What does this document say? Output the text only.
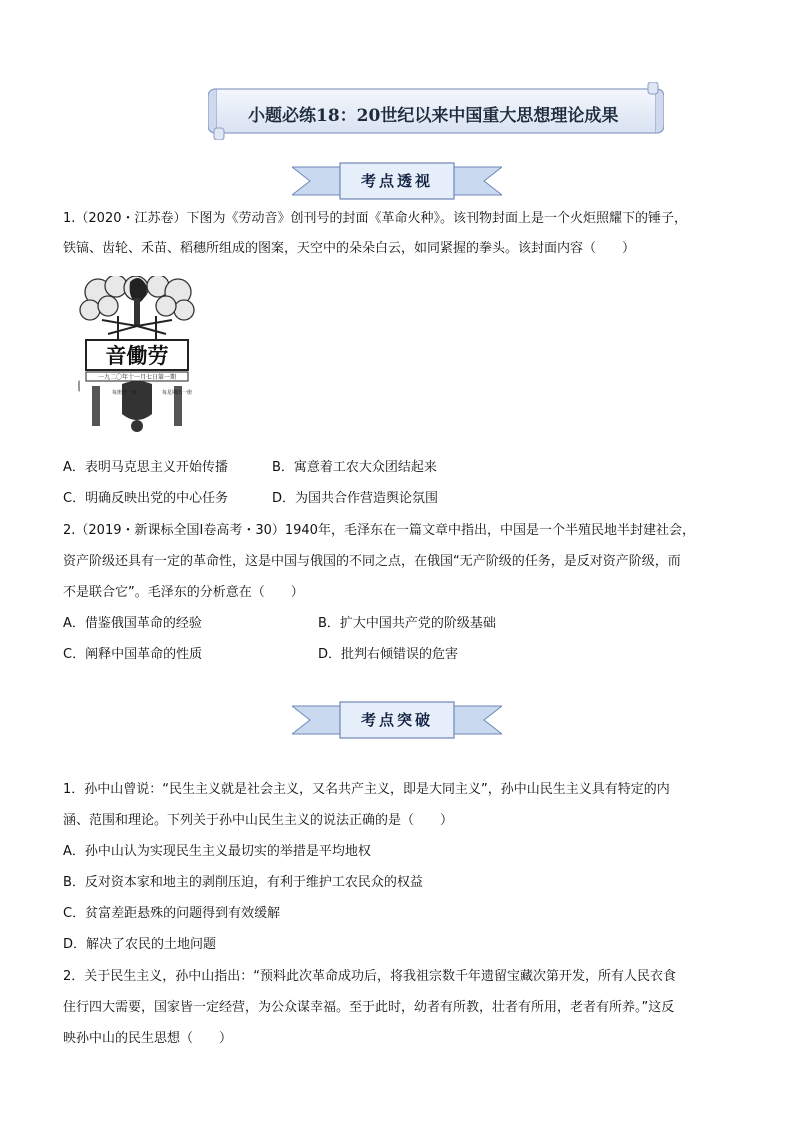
小题必练18：20世纪以来中国重大思想理论成果
考点透视
1.（2020・江苏卷）下图为《劳动音》创刊号的封面《革命火种》。该刊物封面上是一个火炬照耀下的锤子，
铁镐、齿轮、禾苗、稻穗所组成的图案，天空中的朵朵白云，如同紧握的拳头。该封面内容（　　）
音働劳
一九二〇年十一月七日第一期
每册洋一角	每星期出一册
A．表明马克思主义开始传播	B．寓意着工农大众团结起来
C．明确反映出党的中心任务	D．为国共合作营造舆论氛围
2.（2019・新课标全国Ⅰ卷高考・30）1940年，毛泽东在一篇文章中指出，中国是一个半殖民地半封建社会，
资产阶级还具有一定的革命性，这是中国与俄国的不同之点，在俄国“无产阶级的任务，是反对资产阶级，而
不是联合它”。毛泽东的分析意在（　　）
A．借鉴俄国革命的经验	B．扩大中国共产党的阶级基础
C．阐释中国革命的性质	D．批判右倾错误的危害
考点突破
1．孙中山曾说：“民生主义就是社会主义，又名共产主义，即是大同主义”，孙中山民生主义具有特定的内
涵、范围和理论。下列关于孙中山民生主义的说法正确的是（　　）
A．孙中山认为实现民生主义最切实的举措是平均地权
B．反对资本家和地主的剥削压迫，有利于维护工农民众的权益
C．贫富差距悬殊的问题得到有效缓解
D．解决了农民的土地问题
2．关于民生主义，孙中山指出：“预料此次革命成功后，将我祖宗数千年遗留宝藏次第开发，所有人民衣食
住行四大需要，国家皆一定经营，为公众谋幸福。至于此时，幼者有所教，壮者有所用，老者有所养。”这反
映孙中山的民生思想（　　）
